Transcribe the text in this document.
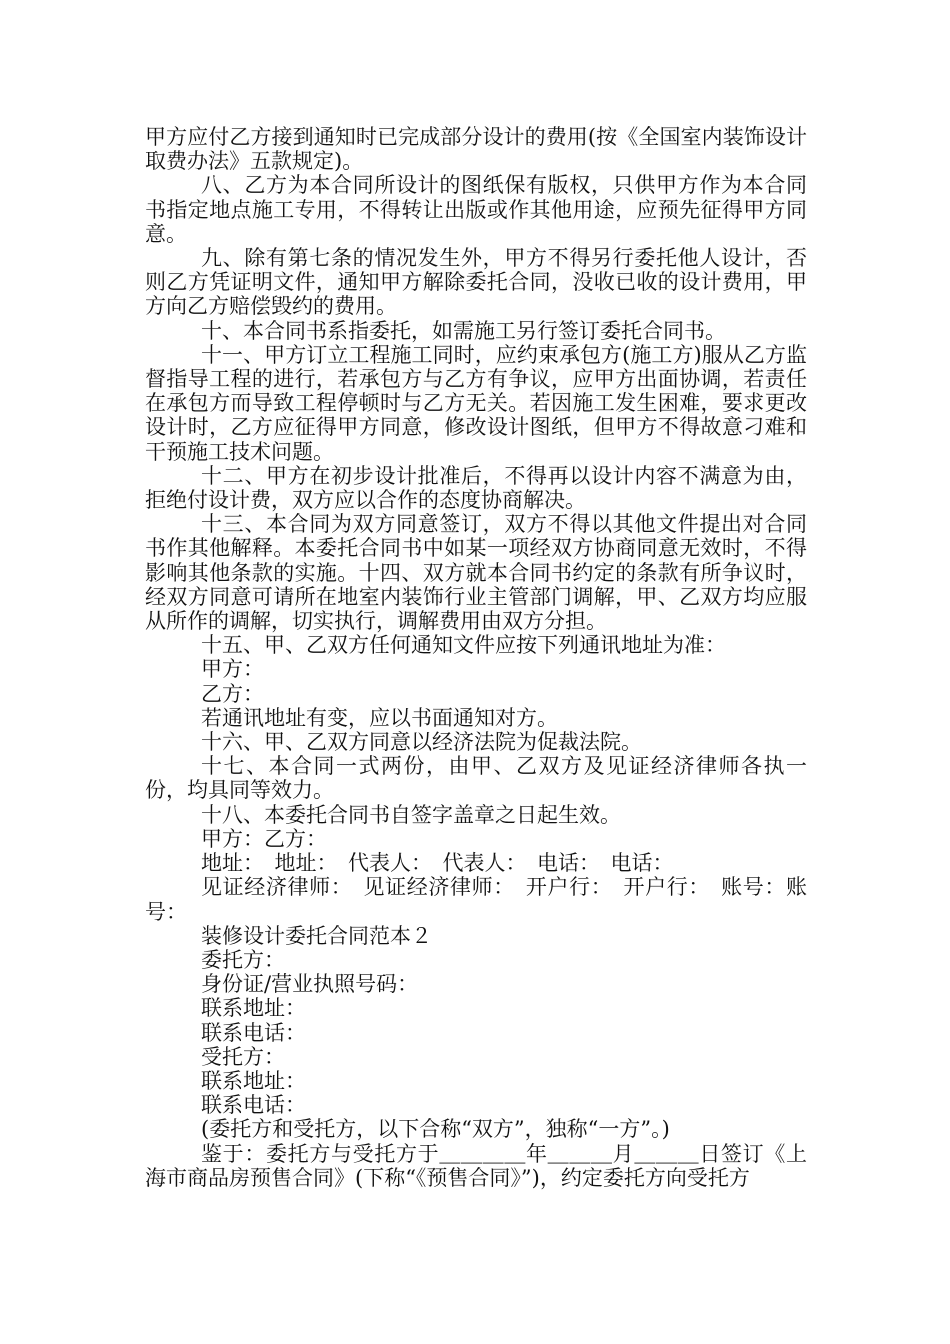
甲方应付乙方接到通知时已完成部分设计的费用(按《全国室内装饰设计取费办法》五款规定)。

八、乙方为本合同所设计的图纸保有版权，只供甲方作为本合同书指定地点施工专用，不得转让出版或作其他用途，应预先征得甲方同意。

九、除有第七条的情况发生外，甲方不得另行委托他人设计，否则乙方凭证明文件，通知甲方解除委托合同，没收已收的设计费用，甲方向乙方赔偿毁约的费用。

十、本合同书系指委托，如需施工另行签订委托合同书。

十一、甲方订立工程施工同时，应约束承包方(施工方)服从乙方监督指导工程的进行，若承包方与乙方有争议，应甲方出面协调，若责任在承包方而导致工程停顿时与乙方无关。若因施工发生困难，要求更改设计时，乙方应征得甲方同意，修改设计图纸，但甲方不得故意刁难和干预施工技术问题。

十二、甲方在初步设计批准后，不得再以设计内容不满意为由，拒绝付设计费，双方应以合作的态度协商解决。

十三、本合同为双方同意签订，双方不得以其他文件提出对合同书作其他解释。本委托合同书中如某一项经双方协商同意无效时，不得影响其他条款的实施。十四、双方就本合同书约定的条款有所争议时，经双方同意可请所在地室内装饰行业主管部门调解，甲、乙双方均应服从所作的调解，切实执行，调解费用由双方分担。

十五、甲、乙双方任何通知文件应按下列通讯地址为准：

甲方：

乙方：

若通讯地址有变，应以书面通知对方。

十六、甲、乙双方同意以经济法院为促裁法院。

十七、本合同一式两份，由甲、乙双方及见证经济律师各执一份，均具同等效力。

十八、本委托合同书自签字盖章之日起生效。

甲方：乙方：

地址：　地址：　代表人：　代表人：　电话：　电话：

见证经济律师：　见证经济律师：　开户行：　开户行：　账号：账号：

装修设计委托合同范本２

委托方：

身份证/营业执照号码：

联系地址：

联系电话：

受托方：

联系地址：

联系电话：

(委托方和受托方，以下合称“双方”，独称“一方”。)

鉴于：委托方与受托方于＿＿＿＿年＿＿＿月＿＿＿日签订《上海市商品房预售合同》(下称“《预售合同》”)，约定委托方向受托方
